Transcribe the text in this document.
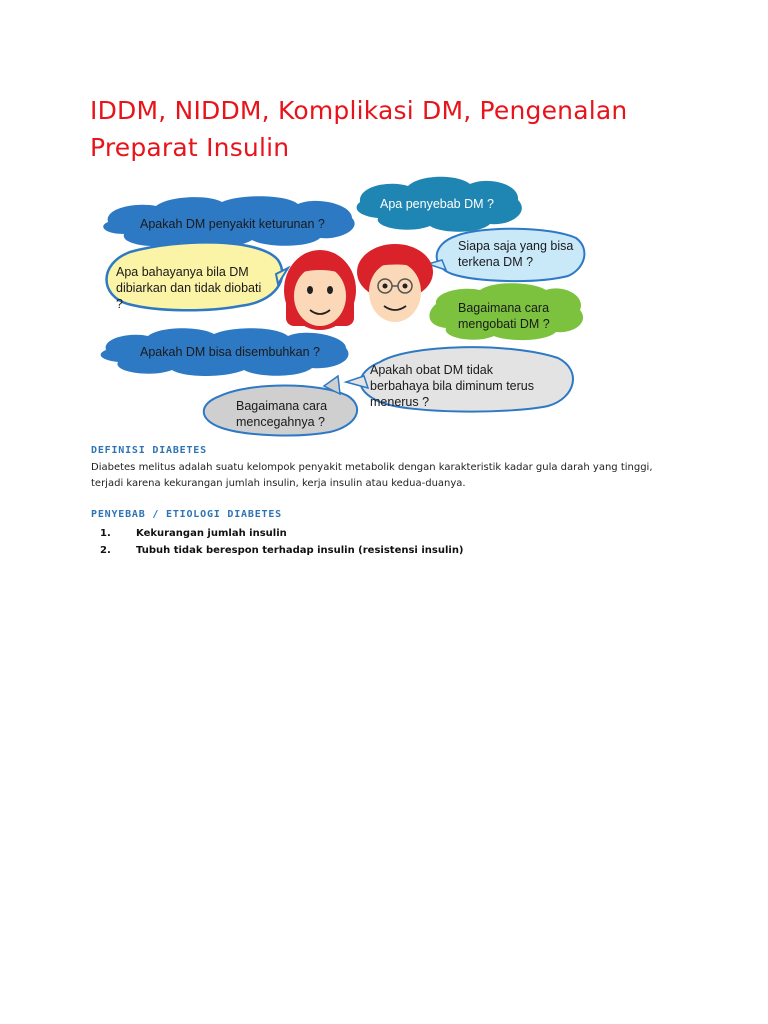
IDDM, NIDDM, Komplikasi DM, Pengenalan Preparat Insulin
Apa penyebab DM ?
Apakah DM penyakit keturunan ?
Apa bahayanya bila DM
dibiarkan dan tidak diobati
?
Siapa saja yang bisa
terkena DM ?
Bagaimana cara
mengobati DM ?
Apakah DM bisa disembuhkan ?
Apakah obat DM tidak
berbahaya bila diminum terus
menerus ?
Bagaimana cara
mencegahnya ?
DEFINISI DIABETES

Diabetes melitus adalah suatu kelompok penyakit metabolik dengan karakteristik kadar gula darah yang tinggi, terjadi karena kekurangan jumlah insulin, kerja insulin atau kedua-duanya.

PENYEBAB / ETIOLOGI DIABETES
1.	Kekurangan jumlah insulin
2.	Tubuh tidak berespon terhadap insulin (resistensi insulin)
